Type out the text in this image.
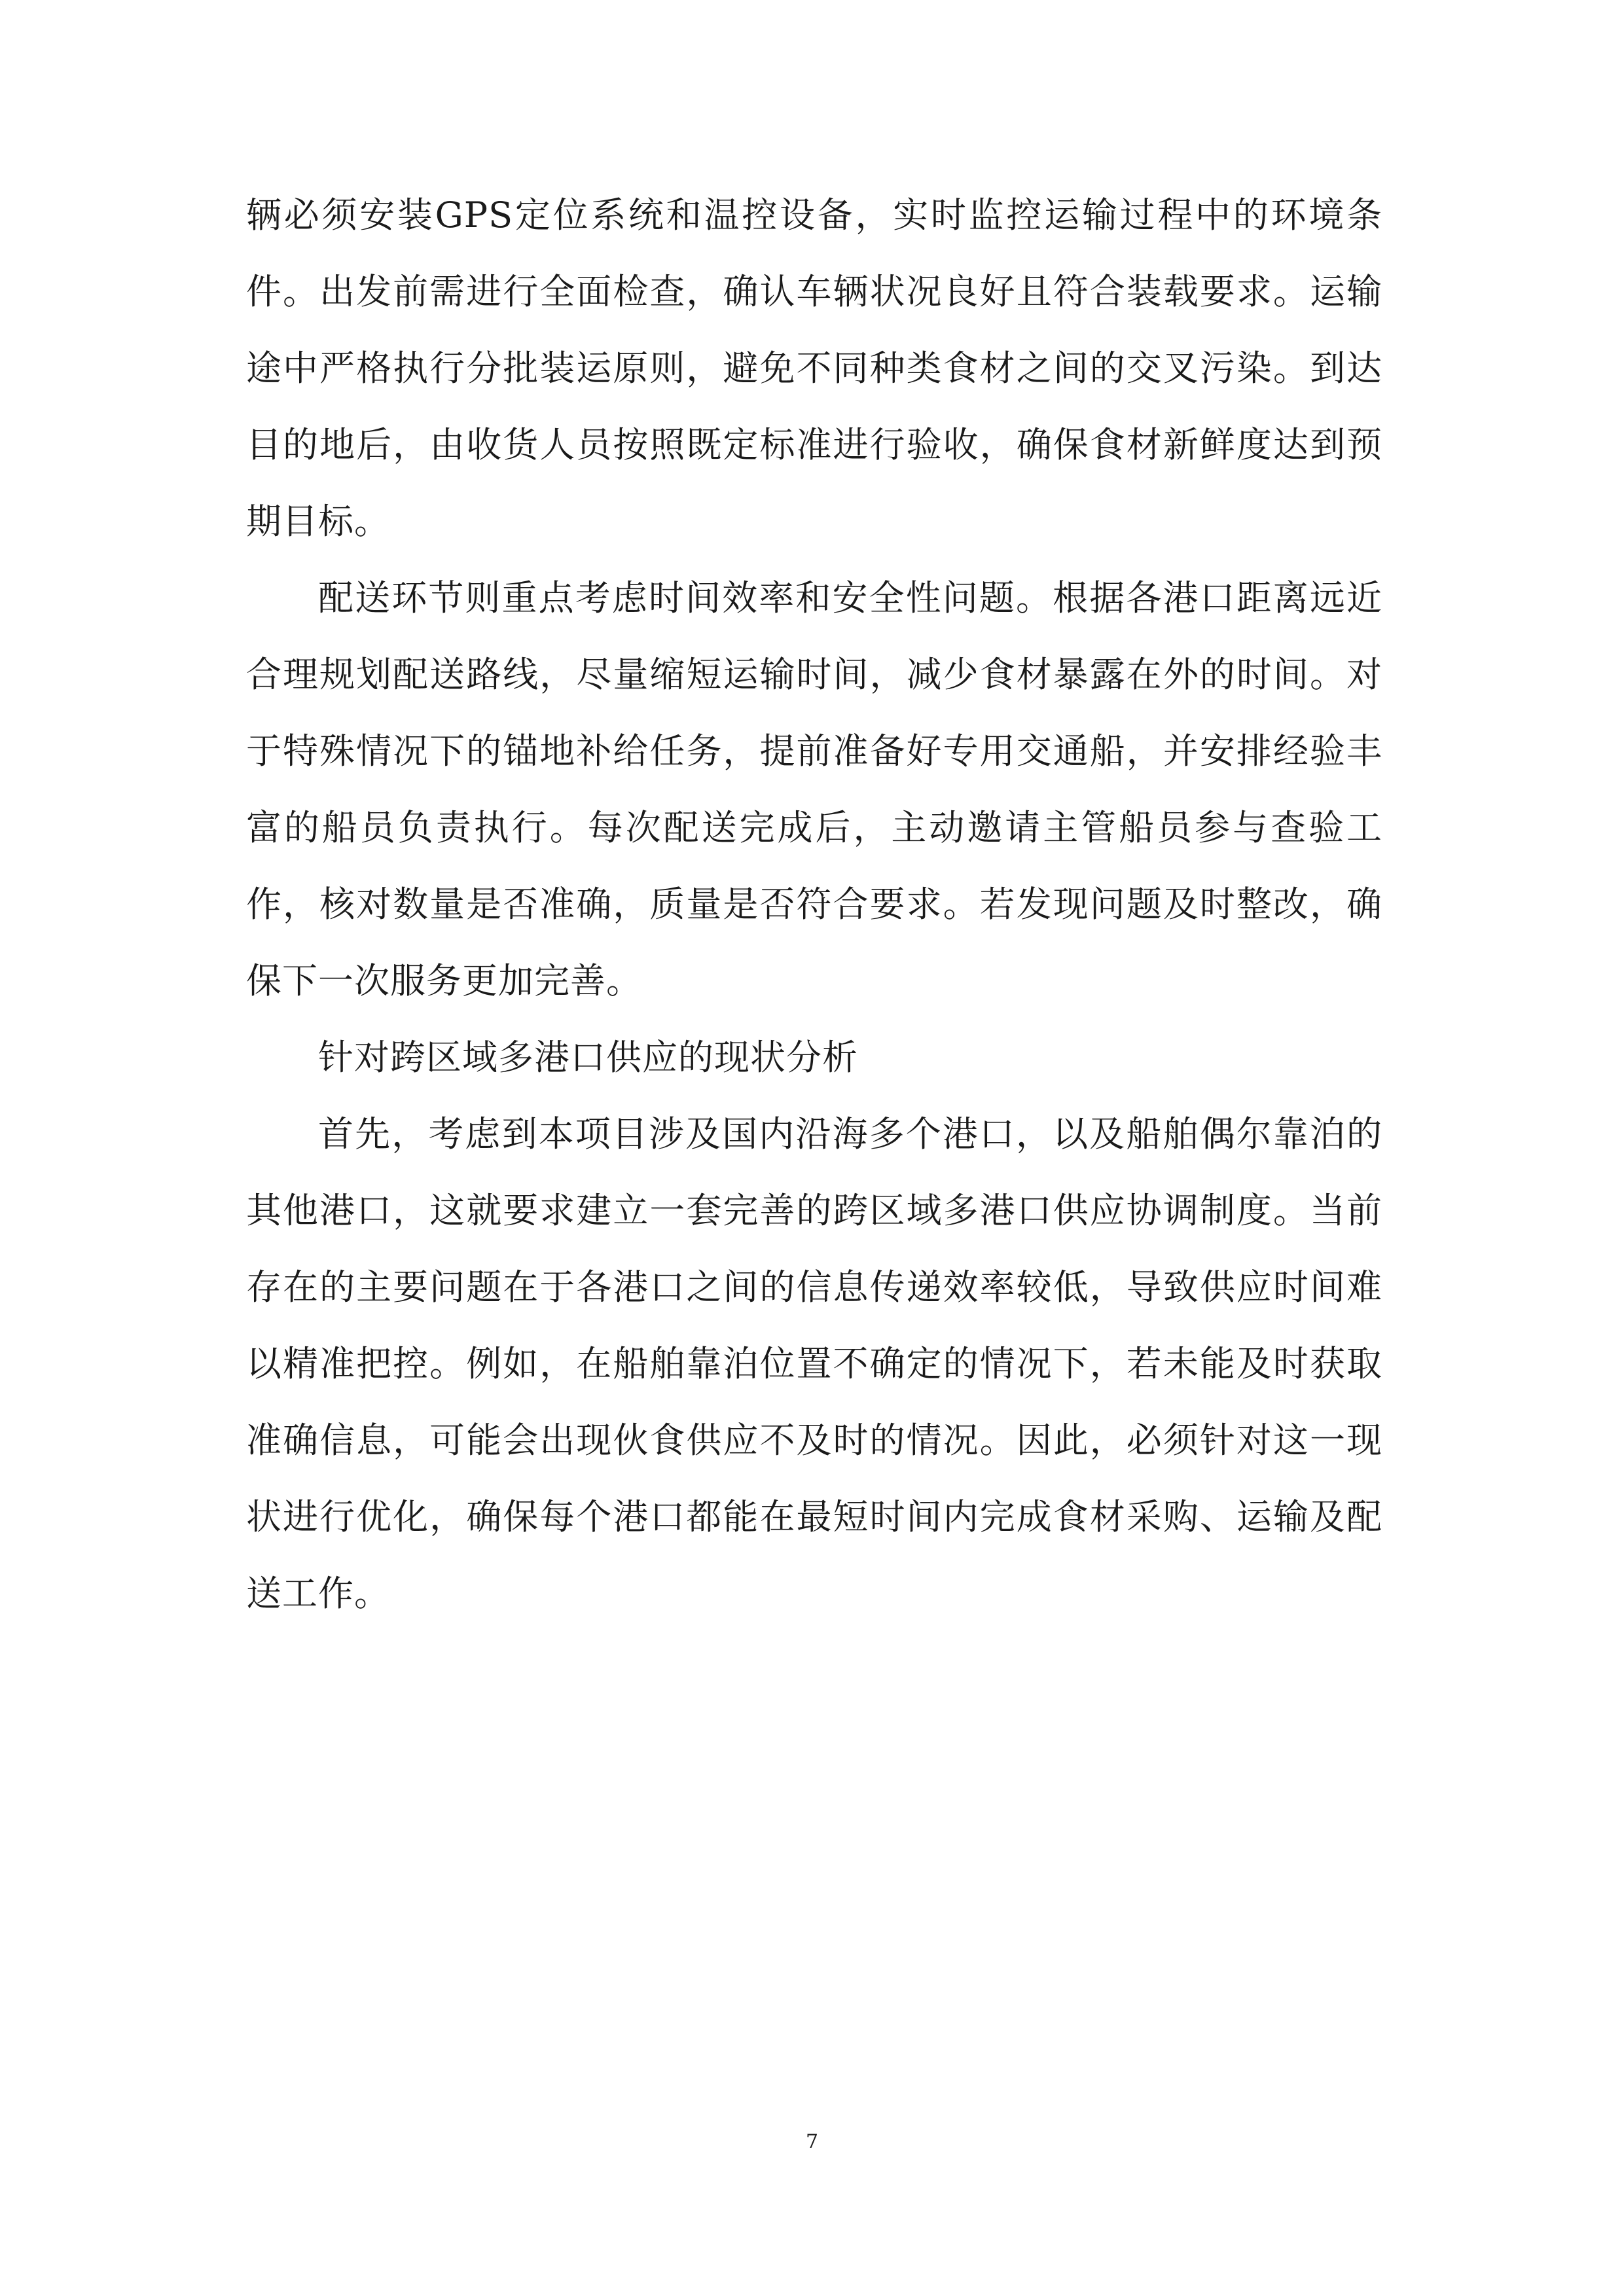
辆必须安装GPS定位系统和温控设备，实时监控运输过程中的环境条件。出发前需进行全面检查，确认车辆状况良好且符合装载要求。运输途中严格执行分批装运原则，避免不同种类食材之间的交叉污染。到达目的地后，由收货人员按照既定标准进行验收，确保食材新鲜度达到预期目标。

配送环节则重点考虑时间效率和安全性问题。根据各港口距离远近合理规划配送路线，尽量缩短运输时间，减少食材暴露在外的时间。对于特殊情况下的锚地补给任务，提前准备好专用交通船，并安排经验丰富的船员负责执行。每次配送完成后，主动邀请主管船员参与查验工作，核对数量是否准确，质量是否符合要求。若发现问题及时整改，确保下一次服务更加完善。

针对跨区域多港口供应的现状分析

首先，考虑到本项目涉及国内沿海多个港口，以及船舶偶尔靠泊的其他港口，这就要求建立一套完善的跨区域多港口供应协调制度。当前存在的主要问题在于各港口之间的信息传递效率较低，导致供应时间难以精准把控。例如，在船舶靠泊位置不确定的情况下，若未能及时获取准确信息，可能会出现伙食供应不及时的情况。因此，必须针对这一现状进行优化，确保每个港口都能在最短时间内完成食材采购、运输及配送工作。

7
